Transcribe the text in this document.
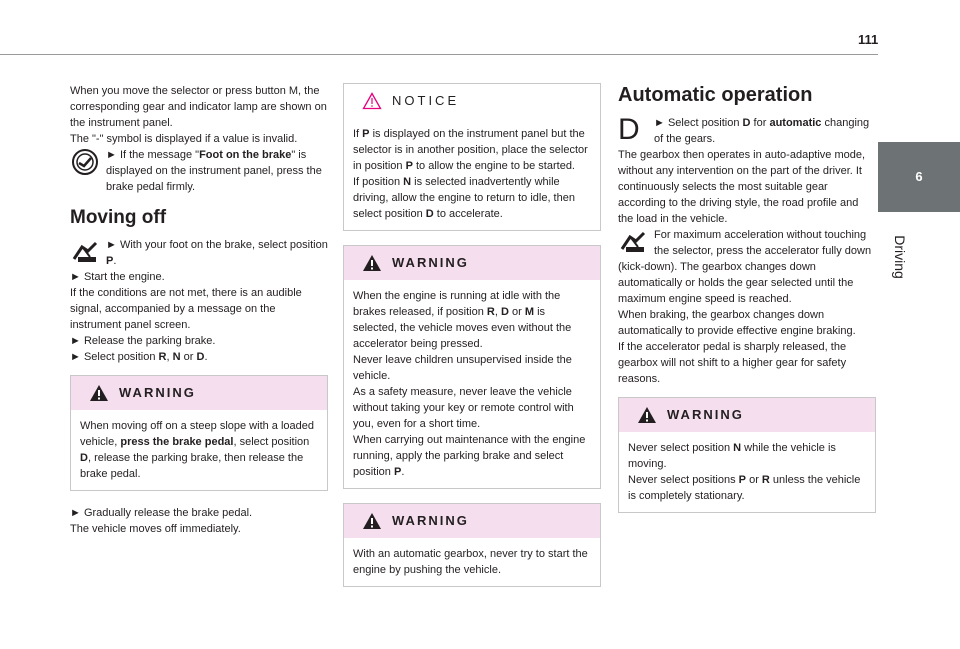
111
6
Driving

When you move the selector or press button M, the corresponding gear and indicator lamp are shown on the instrument panel.

The "-" symbol is displayed if a value is invalid.

► If the message "Foot on the brake" is displayed on the instrument panel, press the brake pedal firmly.

Moving off

► With your foot on the brake, select position P.

► Start the engine.

If the conditions are not met, there is an audible signal, accompanied by a message on the instrument panel screen.

► Release the parking brake.

► Select position R, N or D.

WARNING

When moving off on a steep slope with a loaded vehicle, press the brake pedal, select position D, release the parking brake, then release the brake pedal.

► Gradually release the brake pedal.

The vehicle moves off immediately.

NOTICE

If P is displayed on the instrument panel but the selector is in another position, place the selector in position P to allow the engine to be started.

If position N is selected inadvertently while driving, allow the engine to return to idle, then select position D to accelerate.

WARNING

When the engine is running at idle with the brakes released, if position R, D or M is selected, the vehicle moves even without the accelerator being pressed.

Never leave children unsupervised inside the vehicle.

As a safety measure, never leave the vehicle without taking your key or remote control with you, even for a short time.

When carrying out maintenance with the engine running, apply the parking brake and select position P.

WARNING

With an automatic gearbox, never try to start the engine by pushing the vehicle.

Automatic operation
D	► Select position D for automatic changing of the gears.

The gearbox then operates in auto-adaptive mode, without any intervention on the part of the driver. It continuously selects the most suitable gear according to the driving style, the road profile and the load in the vehicle.

For maximum acceleration without touching the selector, press the accelerator fully down (kick-down). The gearbox changes down automatically or holds the gear selected until the maximum engine speed is reached.

When braking, the gearbox changes down automatically to provide effective engine braking.

If the accelerator pedal is sharply released, the gearbox will not shift to a higher gear for safety reasons.

WARNING

Never select position N while the vehicle is moving.

Never select positions P or R unless the vehicle is completely stationary.
